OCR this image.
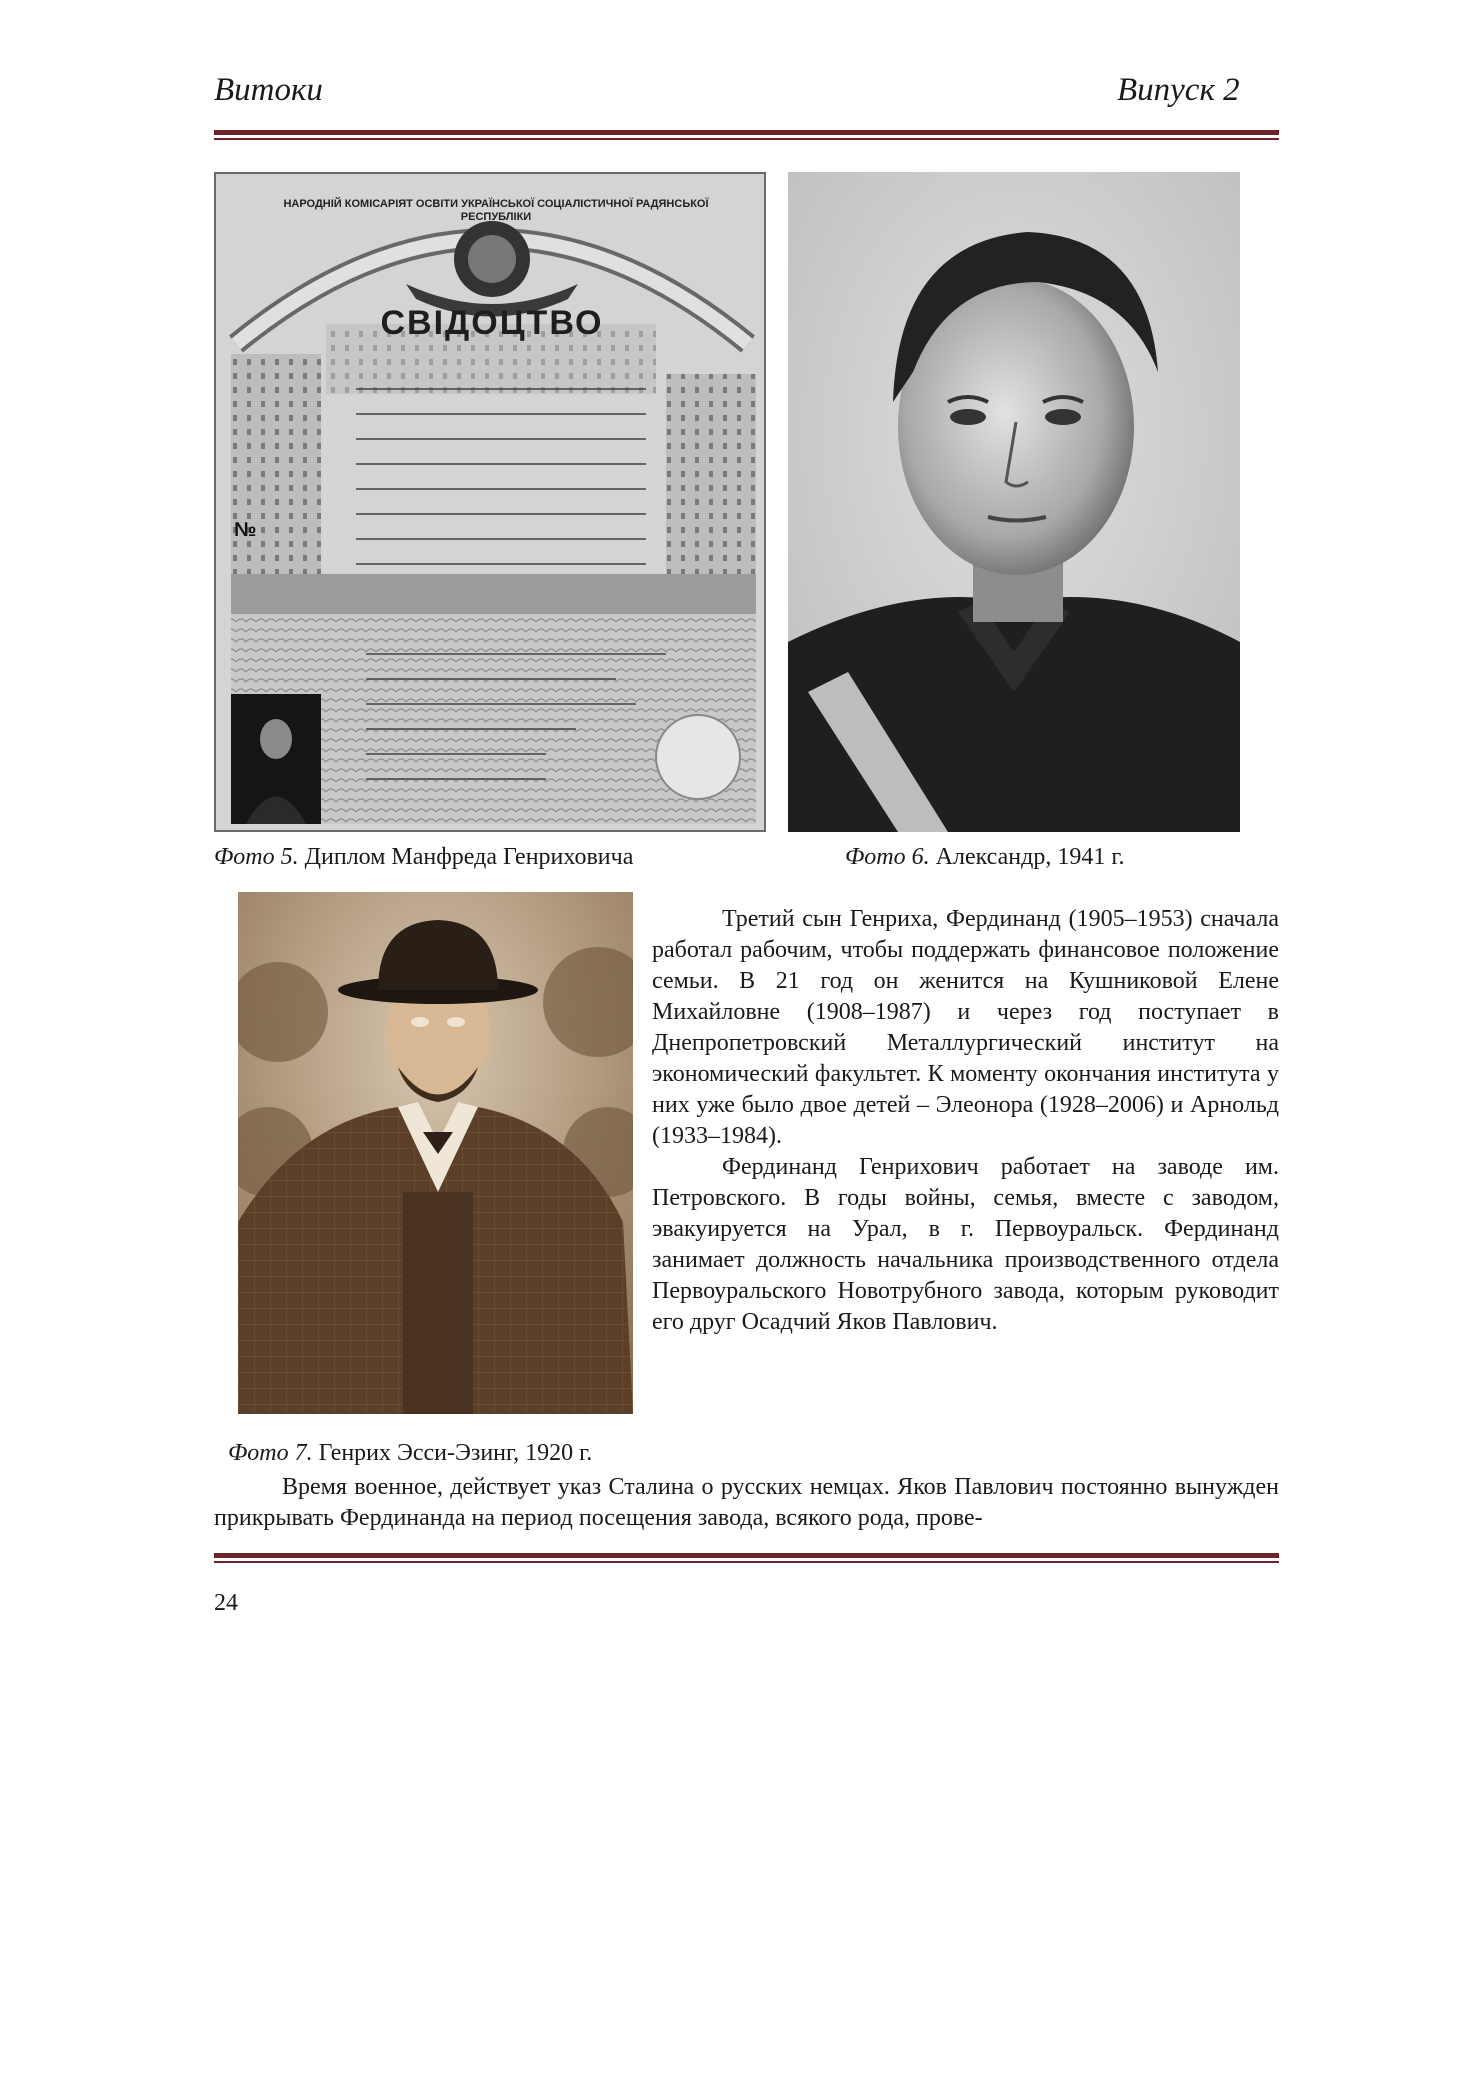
Витоки	Випуск 2
НАРОДНІЙ КОМІСАРІЯТ ОСВІТИ УКРАЇНСЬКОЇ СОЦІАЛІСТИЧНОЇ РАДЯНСЬКОЇ РЕСПУБЛІКИ
СВІДОЦТВО
№
Фото 5. Диплом Манфреда Генриховича	Фото 6. Александр, 1941 г.
Фото 7. Генрих Эсси-Эзинг, 1920 г.

Третий сын Генриха, Фердинанд (1905–1953) сначала работал рабочим, чтобы поддержать финансовое положение семьи. В 21 год он женится на Кушниковой Елене Михайловне (1908–1987) и через год поступает в Днепропетровский Металлургический институт на экономический факультет. К моменту окончания института у них уже было двое детей – Элеонора (1928–2006) и Арнольд (1933–1984).

Фердинанд Генрихович работает на заводе им. Петровского. В годы войны, семья, вместе с заводом, эвакуируется на Урал, в г. Первоуральск. Фердинанд занимает должность начальника производственного отдела Первоуральского Новотрубного завода, которым руководит его друг Осадчий Яков Павлович.

Время военное, действует указ Сталина о русских немцах. Яков Павлович постоянно вынужден прикрывать Фердинанда на период посещения завода, всякого рода, прове-

24
